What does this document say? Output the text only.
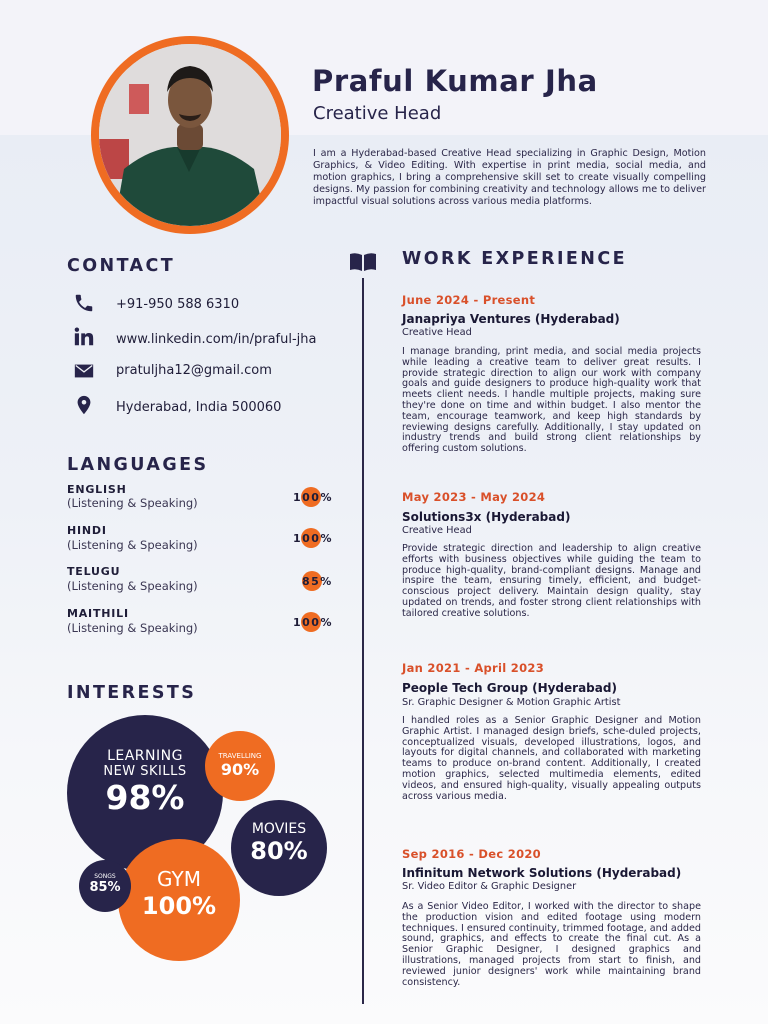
Praful Kumar Jha
Creative Head
I am a Hyderabad-based Creative Head specializing in Graphic Design, Motion Graphics, & Video Editing. With expertise in print media, social media, and motion graphics, I bring a comprehensive skill set to create visually compelling designs. My passion for combining creativity and technology allows me to deliver impactful visual solutions across various media platforms.
CONTACT
+91-950 588 6310
www.linkedin.com/in/praful-jha
pratuljha12@gmail.com
Hyderabad, India 500060
LANGUAGES
ENGLISH
(Listening & Speaking)	100%
HINDI
(Listening & Speaking)	100%
TELUGU
(Listening & Speaking)	85%
MAITHILI
(Listening & Speaking)	100%
INTERESTS
LEARNING
NEW SKILLS
98%
TRAVELLING
90%
MOVIES
80%
GYM
100%
SONGS
85%
WORK EXPERIENCE
June 2024 - Present
Janapriya Ventures (Hyderabad)
Creative Head
I manage branding, print media, and social media projects while leading a creative team to deliver great results. I provide strategic direction to align our work with company goals and guide designers to produce high-quality work that meets client needs. I handle multiple projects, making sure they're done on time and within budget. I also mentor the team, encourage teamwork, and keep high standards by reviewing designs carefully. Additionally, I stay updated on industry trends and build strong client relationships by offering custom solutions.
May 2023 - May 2024
Solutions3x (Hyderabad)
Creative Head
Provide strategic direction and leadership to align creative efforts with business objectives while guiding the team to produce high-quality, brand-compliant designs. Manage and inspire the team, ensuring timely, efficient, and budget-conscious project delivery. Maintain design quality, stay updated on trends, and foster strong client relationships with tailored creative solutions.
Jan 2021 - April 2023
People Tech Group (Hyderabad)
Sr. Graphic Designer & Motion Graphic Artist
I handled roles as a Senior Graphic Designer and Motion Graphic Artist. I managed design briefs, sche-duled projects, conceptualized visuals, developed illustrations, logos, and layouts for digital channels, and collaborated with marketing teams to produce on-brand content. Additionally, I created motion graphics, selected multimedia elements, edited videos, and ensured high-quality, visually appealing outputs across various media.
Sep 2016 - Dec 2020
Infinitum Network Solutions (Hyderabad)
Sr. Video Editor & Graphic Designer
As a Senior Video Editor, I worked with the director to shape the production vision and edited footage using modern techniques. I ensured continuity, trimmed footage, and added sound, graphics, and effects to create the final cut. As a Senior Graphic Designer, I designed graphics and illustrations, managed projects from start to finish, and reviewed junior designers' work while maintaining brand consistency.
